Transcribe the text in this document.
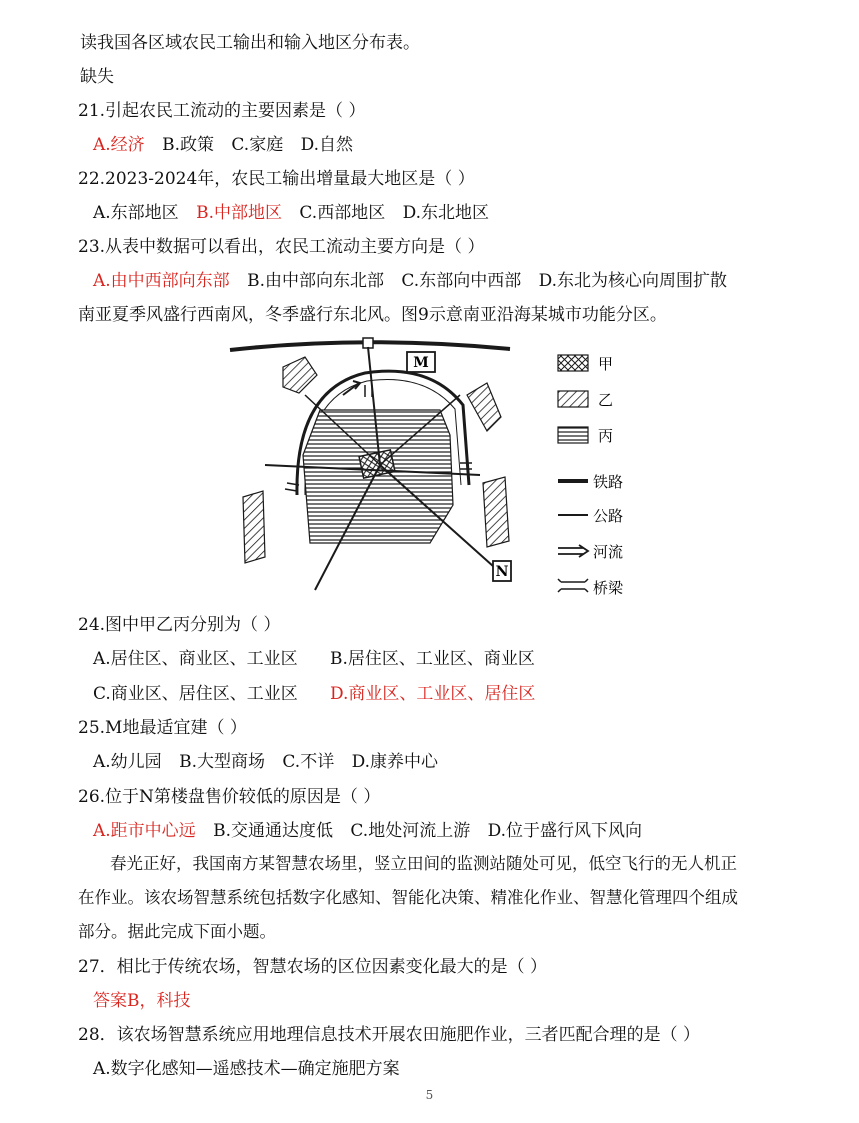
读我国各区域农民工输出和输入地区分布表。
缺失
21.引起农民工流动的主要因素是（ ）
A.经济 B.政策 C.家庭 D.自然
22.2023-2024年，农民工输出增量最大地区是（ ）
A.东部地区 B.中部地区 C.西部地区 D.东北地区
23.从表中数据可以看出，农民工流动主要方向是（ ）
A.由中西部向东部 B.由中部向东北部 C.东部向中西部 D.东北为核心向周围扩散
南亚夏季风盛行西南风，冬季盛行东北风。图9示意南亚沿海某城市功能分区。
M
N
甲
乙
丙
铁路
公路
河流
桥梁
24.图中甲乙丙分别为（ ）
A.居住区、商业区、工业区 B.居住区、工业区、商业区
C.商业区、居住区、工业区 D.商业区、工业区、居住区
25.M地最适宜建（ ）
A.幼儿园 B.大型商场 C.不详 D.康养中心
26.位于N第楼盘售价较低的原因是（ ）
A.距市中心远 B.交通通达度低 C.地处河流上游 D.位于盛行风下风向
春光正好，我国南方某智慧农场里，竖立田间的监测站随处可见，低空飞行的无人机正
在作业。该农场智慧系统包括数字化感知、智能化决策、精准化作业、智慧化管理四个组成
部分。据此完成下面小题。
27．相比于传统农场，智慧农场的区位因素变化最大的是（ ）
答案B，科技
28．该农场智慧系统应用地理信息技术开展农田施肥作业，三者匹配合理的是（ ）
A.数字化感知—遥感技术—确定施肥方案
5
